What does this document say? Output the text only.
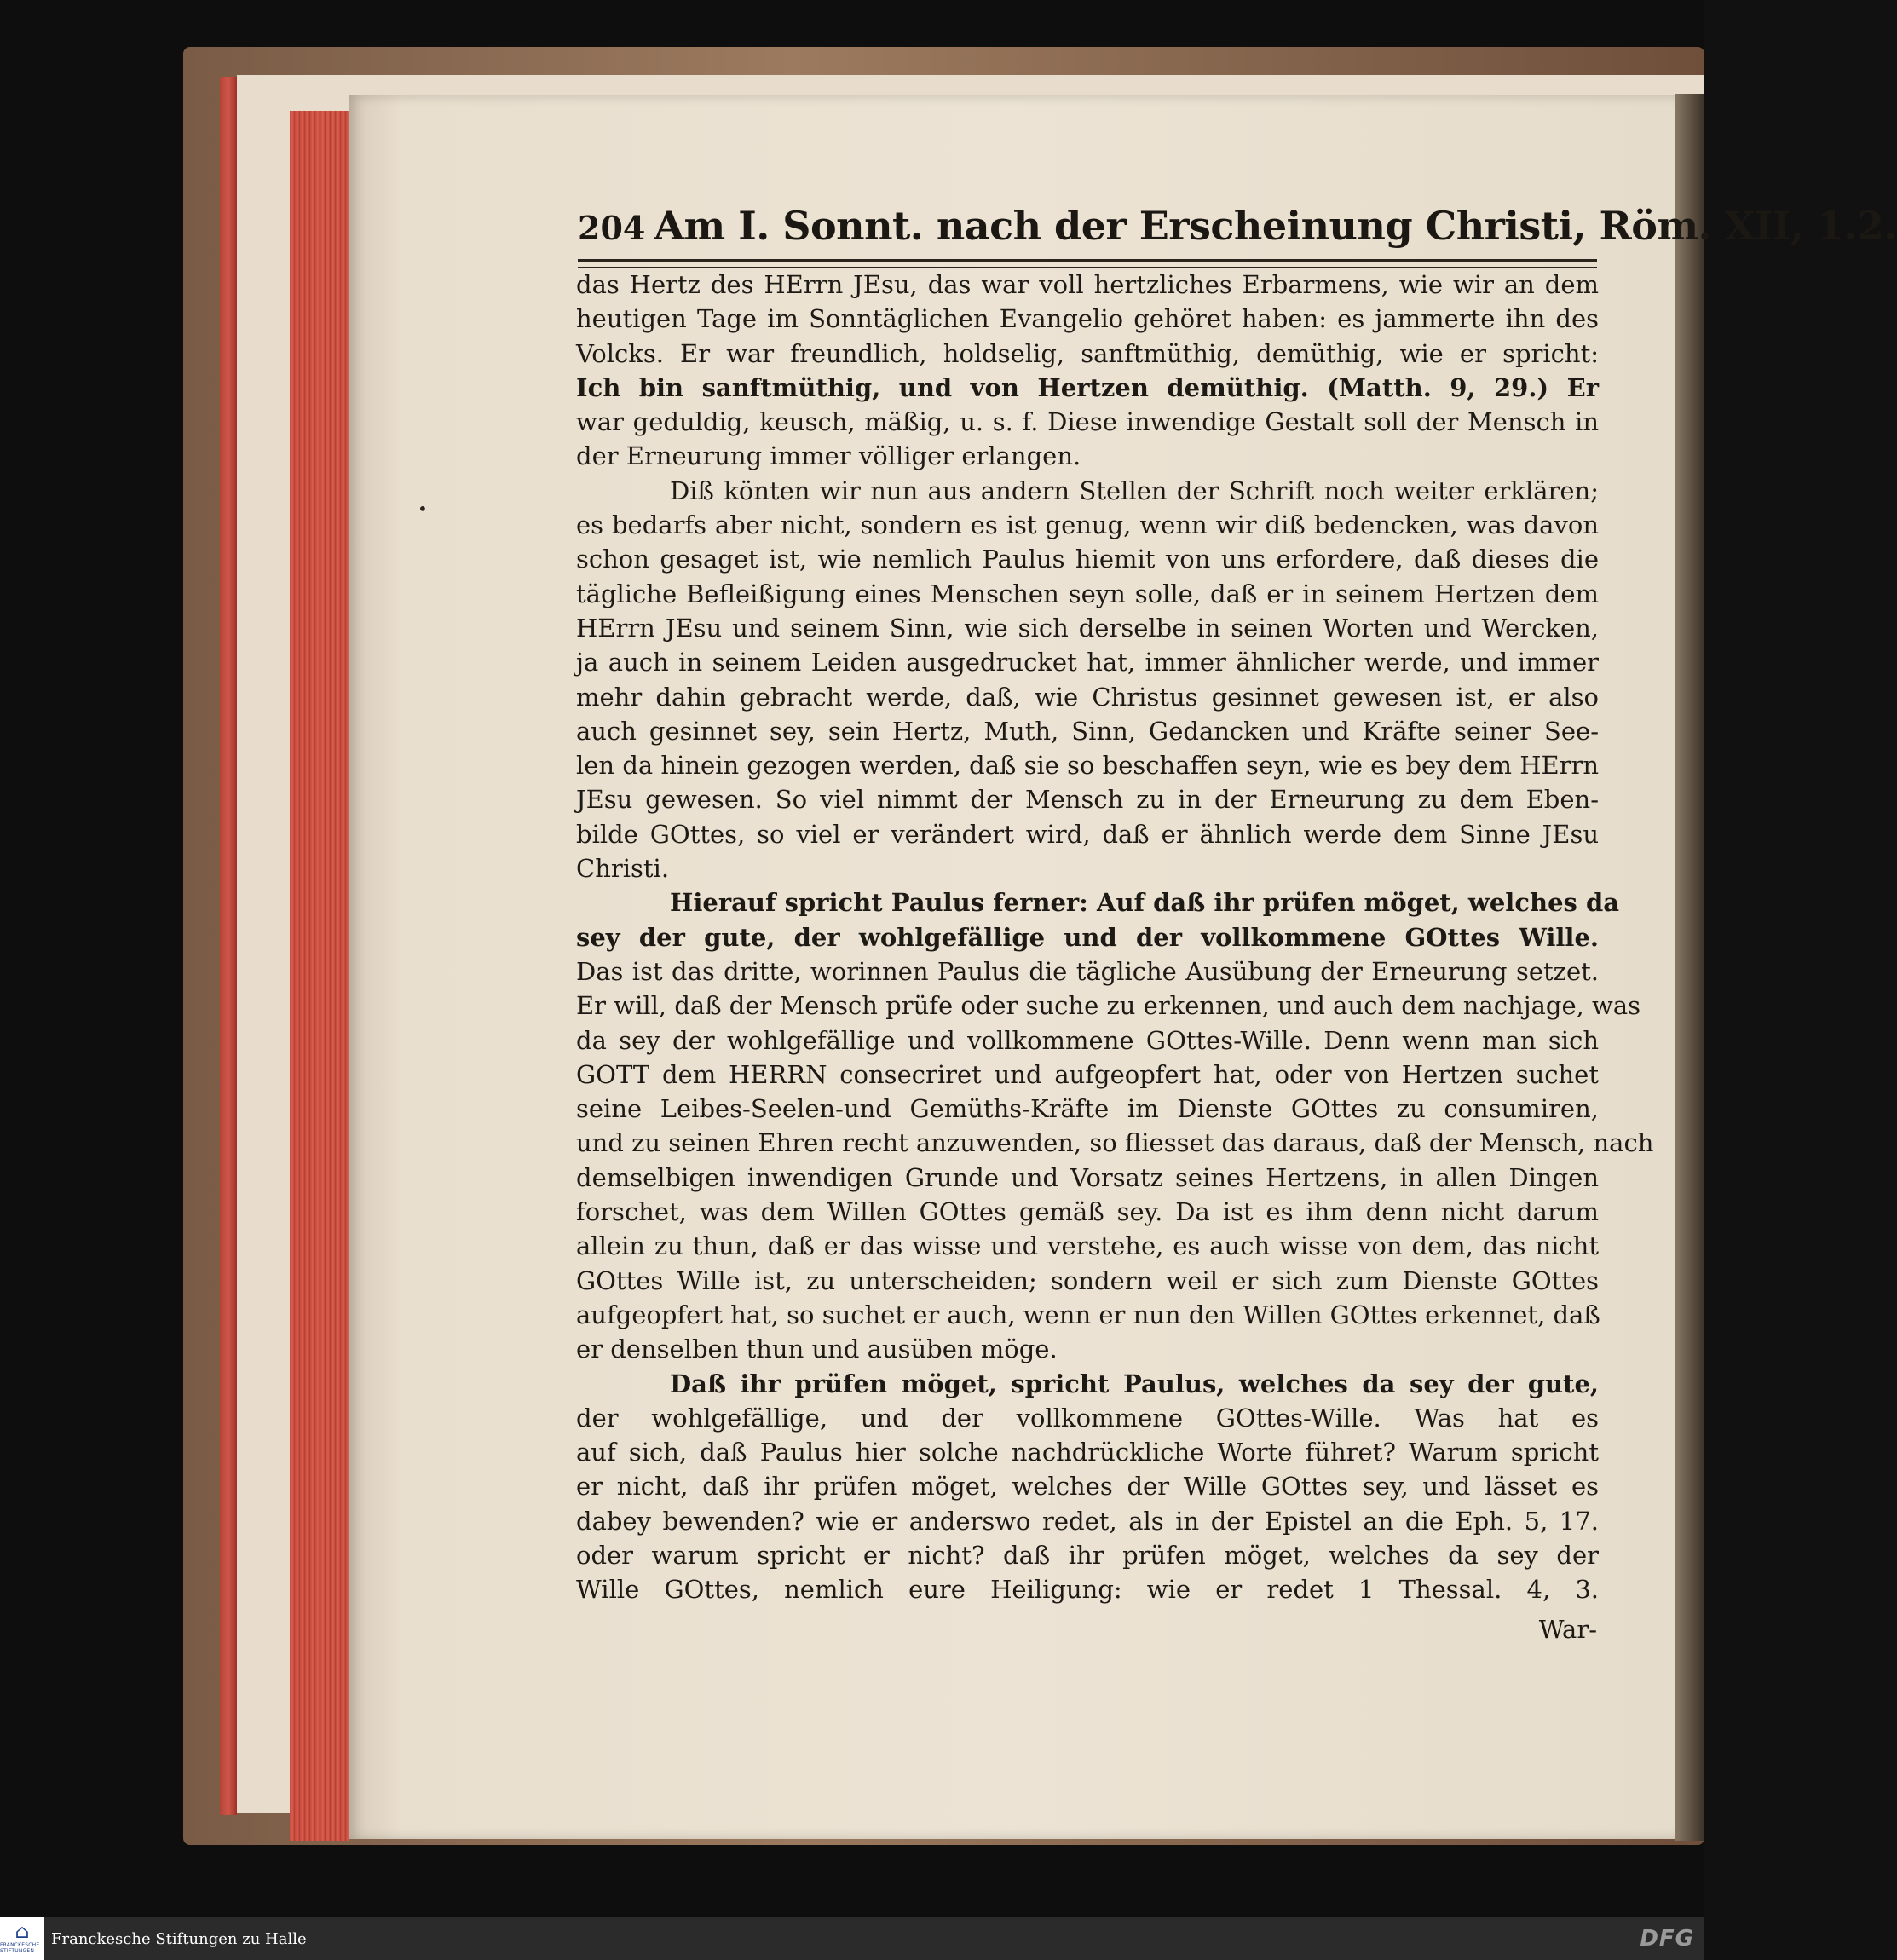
204 Am I. Sonnt. nach der Erscheinung Christi, Röm. XII, 1.2.
das Hertz des HErrn JEsu, das war voll hertzliches Erbarmens, wie wir an dem
heutigen Tage im Sonntäglichen Evangelio gehöret haben: es jammerte ihn des
Volcks. Er war freundlich, holdselig, sanftmüthig, demüthig, wie er spricht:
Ich bin sanftmüthig, und von Hertzen demüthig. (Matth. 9, 29.) Er
war geduldig, keusch, mäßig, u. s. f. Diese inwendige Gestalt soll der Mensch in
der Erneurung immer völliger erlangen.
Diß könten wir nun aus andern Stellen der Schrift noch weiter erklären;
es bedarfs aber nicht, sondern es ist genug, wenn wir diß bedencken, was davon
schon gesaget ist, wie nemlich Paulus hiemit von uns erfordere, daß dieses die
tägliche Befleißigung eines Menschen seyn solle, daß er in seinem Hertzen dem
HErrn JEsu und seinem Sinn, wie sich derselbe in seinen Worten und Wercken,
ja auch in seinem Leiden ausgedrucket hat, immer ähnlicher werde, und immer
mehr dahin gebracht werde, daß, wie Christus gesinnet gewesen ist, er also
auch gesinnet sey, sein Hertz, Muth, Sinn, Gedancken und Kräfte seiner See-
len da hinein gezogen werden, daß sie so beschaffen seyn, wie es bey dem HErrn
JEsu gewesen. So viel nimmt der Mensch zu in der Erneurung zu dem Eben-
bilde GOttes, so viel er verändert wird, daß er ähnlich werde dem Sinne JEsu
Christi.
Hierauf spricht Paulus ferner: Auf daß ihr prüfen möget, welches da
sey der gute, der wohlgefällige und der vollkommene GOttes Wille.
Das ist das dritte, worinnen Paulus die tägliche Ausübung der Erneurung setzet.
Er will, daß der Mensch prüfe oder suche zu erkennen, und auch dem nachjage, was
da sey der wohlgefällige und vollkommene GOttes-Wille. Denn wenn man sich
GOTT dem HERRN consecriret und aufgeopfert hat, oder von Hertzen suchet
seine Leibes-Seelen-und Gemüths-Kräfte im Dienste GOttes zu consumiren,
und zu seinen Ehren recht anzuwenden, so fliesset das daraus, daß der Mensch, nach
demselbigen inwendigen Grunde und Vorsatz seines Hertzens, in allen Dingen
forschet, was dem Willen GOttes gemäß sey. Da ist es ihm denn nicht darum
allein zu thun, daß er das wisse und verstehe, es auch wisse von dem, das nicht
GOttes Wille ist, zu unterscheiden; sondern weil er sich zum Dienste GOttes
aufgeopfert hat, so suchet er auch, wenn er nun den Willen GOttes erkennet, daß
er denselben thun und ausüben möge.
Daß ihr prüfen möget, spricht Paulus, welches da sey der gute,
der wohlgefällige, und der vollkommene GOttes-Wille. Was hat es
auf sich, daß Paulus hier solche nachdrückliche Worte führet? Warum spricht
er nicht, daß ihr prüfen möget, welches der Wille GOttes sey, und lässet es
dabey bewenden? wie er anderswo redet, als in der Epistel an die Eph. 5, 17.
oder warum spricht er nicht? daß ihr prüfen möget, welches da sey der
Wille GOttes, nemlich eure Heiligung: wie er redet 1 Thessal. 4, 3.
War-
•
⌂
FRANCKESCHE STIFTUNGEN
Franckesche Stiftungen zu Halle	DFG
